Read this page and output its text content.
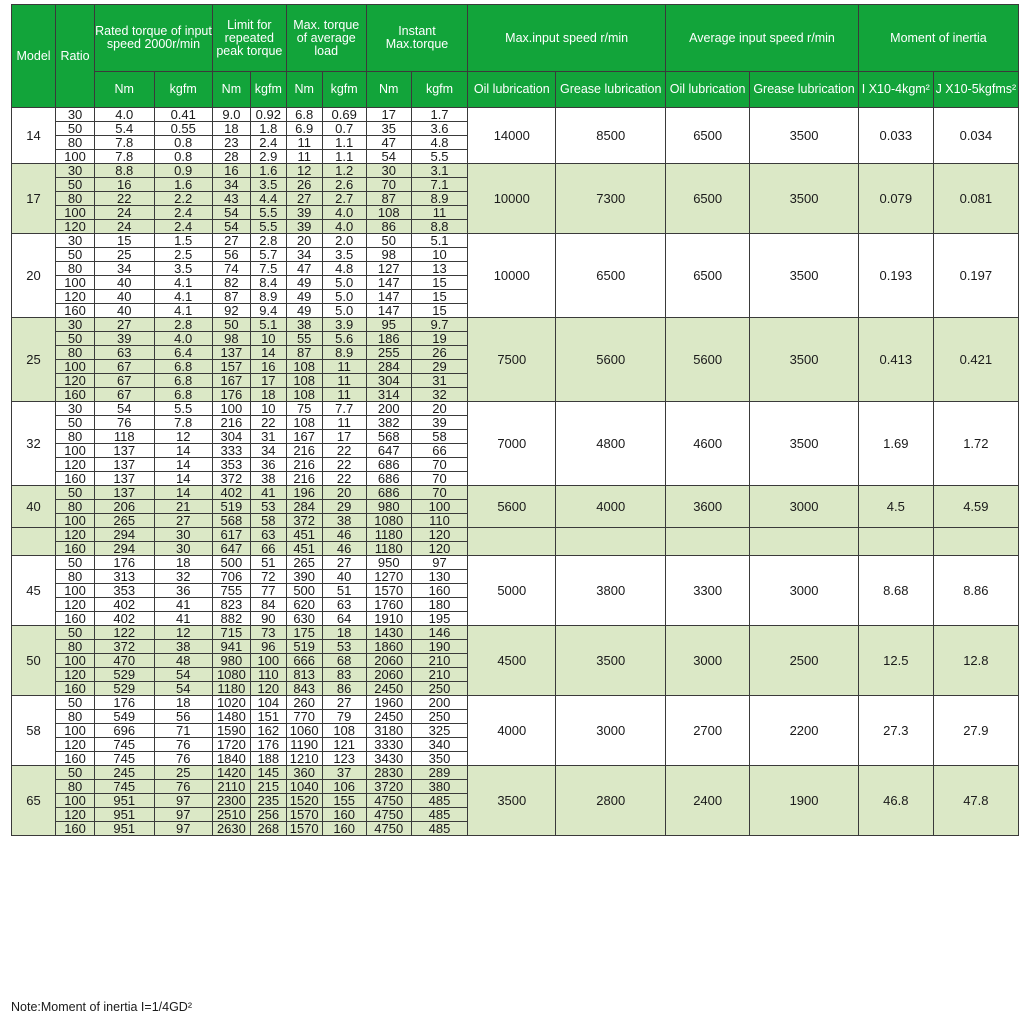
Model	Ratio	Rated torque of input speed 2000r/min		Limit for repeated peak torque		Max. torque of average load		Instant Max.torque		Max.input speed r/min		Average input speed r/min		Moment of inertia	
		Nm	kgfm	Nm	kgfm	Nm	kgfm	Nm	kgfm	Oil lubrication	Grease lubrication	Oil lubrication	Grease lubrication	I X10-4kgm²	J X10-5kgfms²
14	30	4.0	0.41	9.0	0.92	6.8	0.69	17	1.7	14000	8500	6500	3500	0.033	0.034
	50	5.4	0.55	18	1.8	6.9	0.7	35	3.6						
	80	7.8	0.8	23	2.4	11	1.1	47	4.8						
	100	7.8	0.8	28	2.9	11	1.1	54	5.5						
17	30	8.8	0.9	16	1.6	12	1.2	30	3.1	10000	7300	6500	3500	0.079	0.081
	50	16	1.6	34	3.5	26	2.6	70	7.1						
	80	22	2.2	43	4.4	27	2.7	87	8.9						
	100	24	2.4	54	5.5	39	4.0	108	11						
	120	24	2.4	54	5.5	39	4.0	86	8.8						
20	30	15	1.5	27	2.8	20	2.0	50	5.1	10000	6500	6500	3500	0.193	0.197
	50	25	2.5	56	5.7	34	3.5	98	10						
	80	34	3.5	74	7.5	47	4.8	127	13						
	100	40	4.1	82	8.4	49	5.0	147	15						
	120	40	4.1	87	8.9	49	5.0	147	15						
	160	40	4.1	92	9.4	49	5.0	147	15						
25	30	27	2.8	50	5.1	38	3.9	95	9.7	7500	5600	5600	3500	0.413	0.421
	50	39	4.0	98	10	55	5.6	186	19						
	80	63	6.4	137	14	87	8.9	255	26						
	100	67	6.8	157	16	108	11	284	29						
	120	67	6.8	167	17	108	11	304	31						
	160	67	6.8	176	18	108	11	314	32						
32	30	54	5.5	100	10	75	7.7	200	20	7000	4800	4600	3500	1.69	1.72
	50	76	7.8	216	22	108	11	382	39						
	80	118	12	304	31	167	17	568	58						
	100	137	14	333	34	216	22	647	66						
	120	137	14	353	36	216	22	686	70						
	160	137	14	372	38	216	22	686	70						
40	50	137	14	402	41	196	20	686	70	5600	4000	3600	3000	4.5	4.59
	80	206	21	519	53	284	29	980	100						
	100	265	27	568	58	372	38	1080	110						
	120	294	30	617	63	451	46	1180	120						
	160	294	30	647	66	451	46	1180	120						
45	50	176	18	500	51	265	27	950	97	5000	3800	3300	3000	8.68	8.86
	80	313	32	706	72	390	40	1270	130						
	100	353	36	755	77	500	51	1570	160						
	120	402	41	823	84	620	63	1760	180						
	160	402	41	882	90	630	64	1910	195						
50	50	122	12	715	73	175	18	1430	146	4500	3500	3000	2500	12.5	12.8
	80	372	38	941	96	519	53	1860	190						
	100	470	48	980	100	666	68	2060	210						
	120	529	54	1080	110	813	83	2060	210						
	160	529	54	1180	120	843	86	2450	250						
58	50	176	18	1020	104	260	27	1960	200	4000	3000	2700	2200	27.3	27.9
	80	549	56	1480	151	770	79	2450	250						
	100	696	71	1590	162	1060	108	3180	325						
	120	745	76	1720	176	1190	121	3330	340						
	160	745	76	1840	188	1210	123	3430	350						
65	50	245	25	1420	145	360	37	2830	289	3500	2800	2400	1900	46.8	47.8
	80	745	76	2110	215	1040	106	3720	380						
	100	951	97	2300	235	1520	155	4750	485						
	120	951	97	2510	256	1570	160	4750	485						
	160	951	97	2630	268	1570	160	4750	485						
Note:Moment of inertia I=1/4GD²
